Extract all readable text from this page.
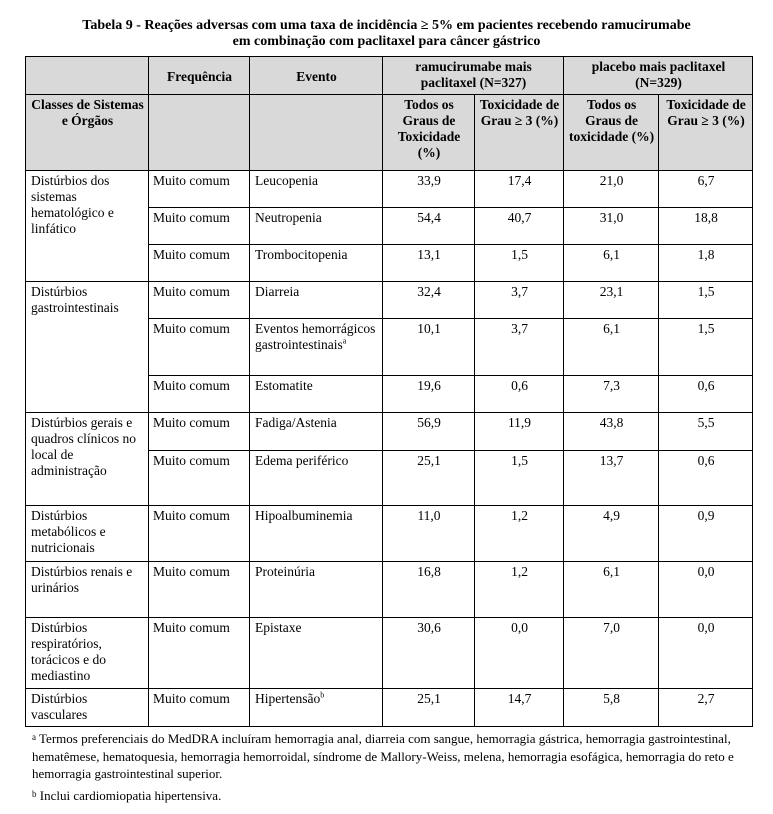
Tabela 9 - Reações adversas com uma taxa de incidência ≥ 5% em pacientes recebendo ramucirumabe
em combinação com paclitaxel para câncer gástrico
	Frequência	Evento	ramucirumabe mais paclitaxel (N=327)		placebo mais paclitaxel (N=329)	
Classes de Sistemas e Órgãos			Todos os Graus de Toxicidade (%)	Toxicidade de Grau ≥ 3 (%)	Todos os Graus de toxicidade (%)	Toxicidade de Grau ≥ 3 (%)
Distúrbios dos sistemas hematológico e linfático	Muito comum	Leucopenia	33,9	17,4	21,0	6,7
	Muito comum	Neutropenia	54,4	40,7	31,0	18,8
	Muito comum	Trombocitopenia	13,1	1,5	6,1	1,8
Distúrbios gastrointestinais	Muito comum	Diarreia	32,4	3,7	23,1	1,5
	Muito comum	Eventos hemorrágicos gastrointestinais$^a$	10,1	3,7	6,1	1,5
	Muito comum	Estomatite	19,6	0,6	7,3	0,6
Distúrbios gerais e quadros clínicos no local de administração	Muito comum	Fadiga/Astenia	56,9	11,9	43,8	5,5
	Muito comum	Edema periférico	25,1	1,5	13,7	0,6
Distúrbios metabólicos e nutricionais	Muito comum	Hipoalbuminemia	11,0	1,2	4,9	0,9
Distúrbios renais e urinários	Muito comum	Proteinúria	16,8	1,2	6,1	0,0
Distúrbios respiratórios, torácicos e do mediastino	Muito comum	Epistaxe	30,6	0,0	7,0	0,0
Distúrbios vasculares	Muito comum	Hipertensão$^b$	25,1	14,7	5,8	2,7
$^a$ Termos preferenciais do MedDRA incluíram hemorragia anal, diarreia com sangue, hemorragia gástrica, hemorragia gastrointestinal, hematêmese, hematoquesia, hemorragia hemorroidal, síndrome de Mallory-Weiss, melena, hemorragia esofágica, hemorragia do reto e hemorragia gastrointestinal superior.
$^b$ Inclui cardiomiopatia hipertensiva.
